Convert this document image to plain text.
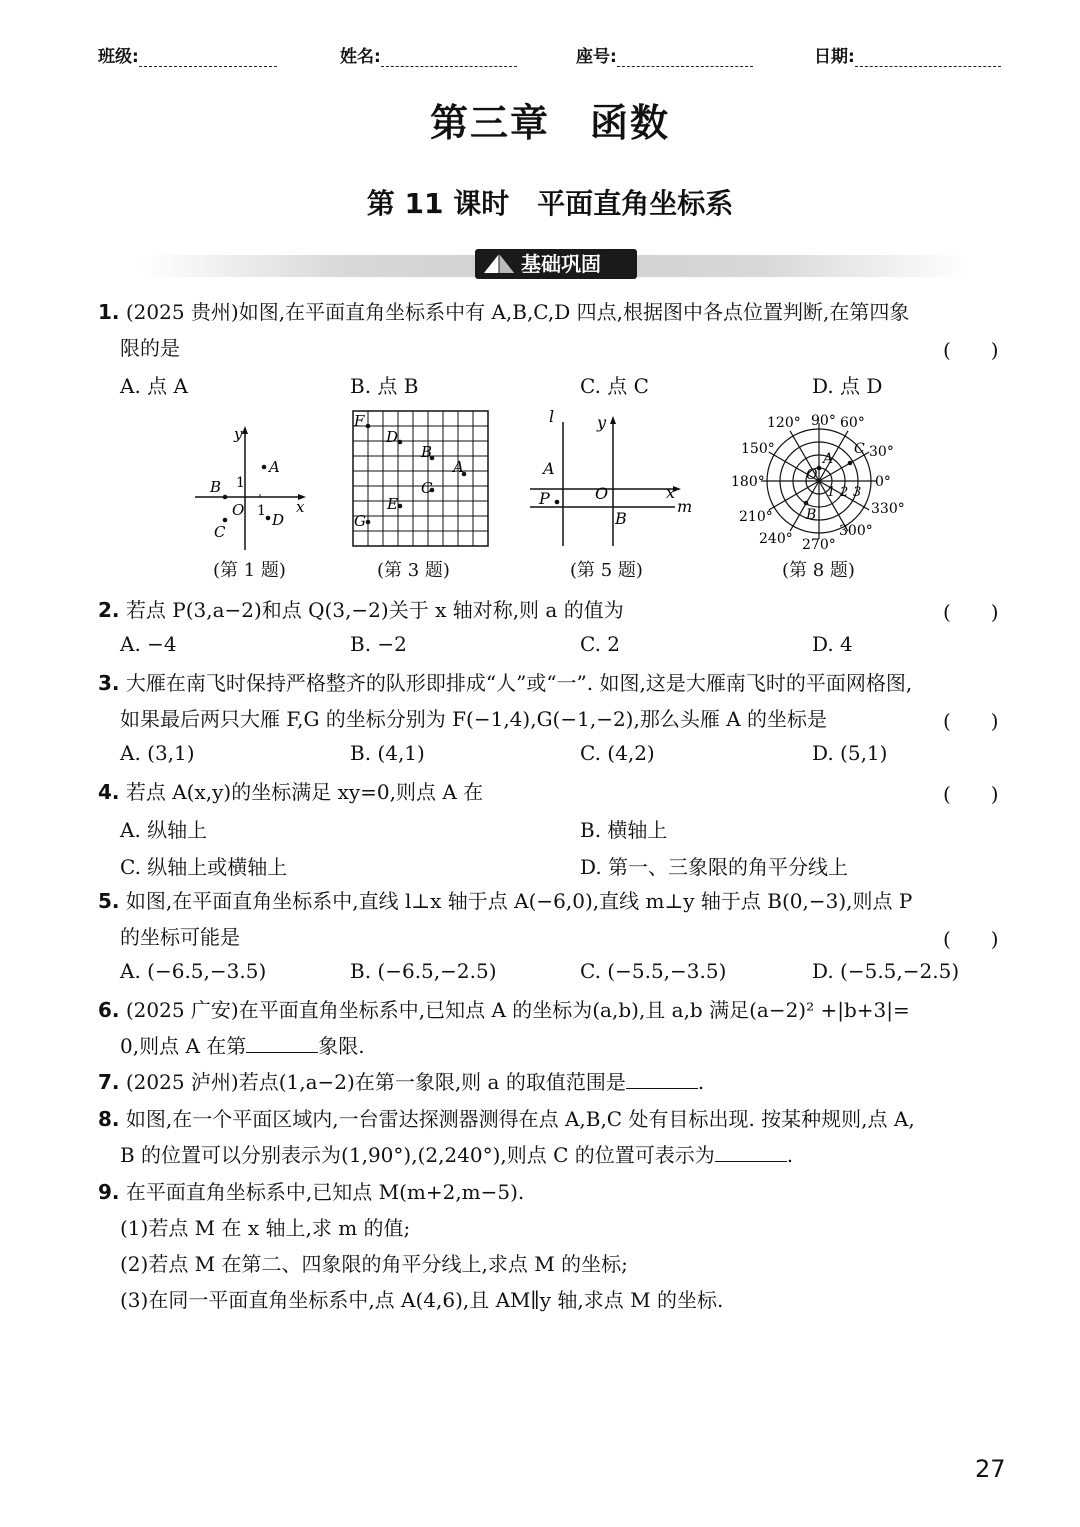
班级:	姓名:	座号:	日期:
第三章　函数
第 11 课时　平面直角坐标系
基础巩固
1. (2025 贵州)如图,在平面直角坐标系中有 A,B,C,D 四点,根据图中各点位置判断,在第四象
限的是	(　　)
A. 点 A	B. 点 B	C. 点 C	D. 点 D
y
x
O
1
1
A
B
C
D
(第 1 题)
F
D
B
A
C
E
G
(第 3 题)
l	y
A
P	O	x
m
B
(第 5 题)
120° 90° 60°
150°	30°
180°	0°
210°	330°
240° 270°
300°
A
C
B
O
1 2 3
(第 8 题)
2. 若点 P(3,a−2)和点 Q(3,−2)关于 x 轴对称,则 a 的值为	(　　)
A. −4	B. −2	C. 2	D. 4
3. 大雁在南飞时保持严格整齐的队形即排成“人”或“一”. 如图,这是大雁南飞时的平面网格图,
如果最后两只大雁 F,G 的坐标分别为 F(−1,4),G(−1,−2),那么头雁 A 的坐标是	(　　)
A. (3,1)	B. (4,1)	C. (4,2)	D. (5,1)
4. 若点 A(x,y)的坐标满足 xy=0,则点 A 在	(　　)
A. 纵轴上	B. 横轴上
C. 纵轴上或横轴上	D. 第一、三象限的角平分线上
5. 如图,在平面直角坐标系中,直线 l⊥x 轴于点 A(−6,0),直线 m⊥y 轴于点 B(0,−3),则点 P
的坐标可能是	(　　)
A. (−6.5,−3.5)	B. (−6.5,−2.5)	C. (−5.5,−3.5)	D. (−5.5,−2.5)
6. (2025 广安)在平面直角坐标系中,已知点 A 的坐标为(a,b),且 a,b 满足(a−2)² +|b+3|=
0,则点 A 在第	象限.
7. (2025 泸州)若点(1,a−2)在第一象限,则 a 的取值范围是	.
8. 如图,在一个平面区域内,一台雷达探测器测得在点 A,B,C 处有目标出现. 按某种规则,点 A,
B 的位置可以分别表示为(1,90°),(2,240°),则点 C 的位置可表示为	.
9. 在平面直角坐标系中,已知点 M(m+2,m−5).
(1)若点 M 在 x 轴上,求 m 的值;
(2)若点 M 在第二、四象限的角平分线上,求点 M 的坐标;
(3)在同一平面直角坐标系中,点 A(4,6),且 AM∥y 轴,求点 M 的坐标.
27
